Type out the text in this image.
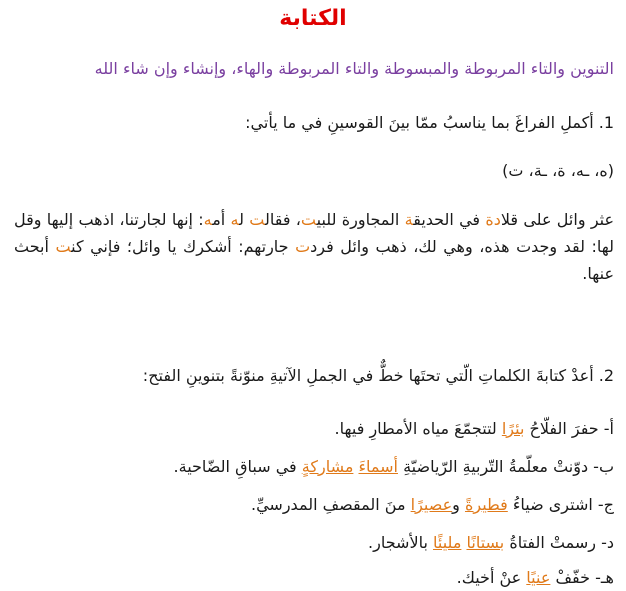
الكتابة
التنوين والتاء المربوطة والمبسوطة والتاء المربوطة والهاء، وإنشاء وإن شاء الله
1. أكملِ الفراغَ بما يناسبُ ممّا بينَ القوسينِ في ما يأتي:
(ه، ـه، ة، ـة، ت)
عثر وائل على قلادة في الحديقة المجاورة للبيت، فقالت له أمه: إنها لجارتنا، اذهب إليها وقل لها: لقد وجدت هذه، وهي لك، ذهب وائل فردت جارتهم: أشكرك يا وائل؛ فإني كنت أبحث عنها.
2. أعدْ كتابةَ الكلماتِ الّتي تحتَها خطٌّ في الجملِ الآتيةِ منوّنةً بتنوينِ الفتح:
أ- حفرَ الفلّاحُ بئرًا لتتجمّعَ مياه الأمطارِ فيها.
ب- دوّنتْ معلّمةُ التّربيةِ الرّياضيّةِ أسماءَ مشاركةٍ في سباقِ الضّاحية.
ج- اشترى ضياءُ فطيرةً وعصيرًا منَ المقصفِ المدرسيِّ.
د- رسمتْ الفتاةُ بستانًا مليئًا بالأشجار.
هـ- خفّفْ عنيًا عنْ أخيك.
